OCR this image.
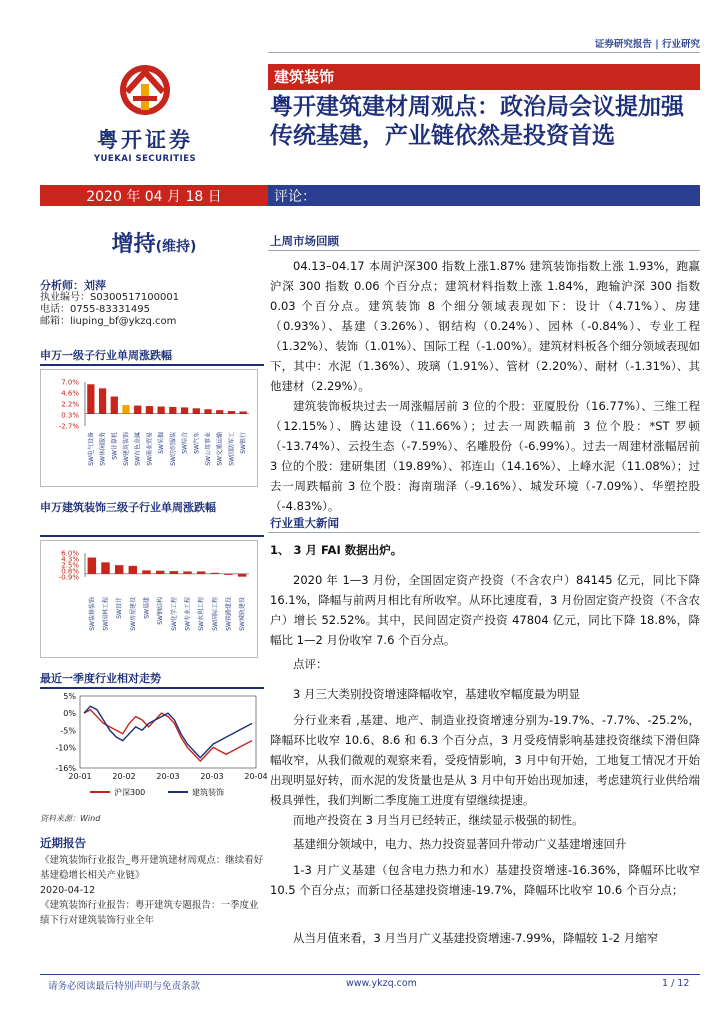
证券研究报告 | 行业研究
粤开证券
YUEKAI SECURITIES
建筑装饰
粤开建筑建材周观点：政治局会议提加强传统基建，产业链依然是投资首选
2020 年 04 月 18 日	评论：
增持(维持)
分析师：刘萍
执业编号：S0300517100001
电话：0755-83331495
邮箱：liuping_bf@ykzq.com
申万一级子行业单周涨跌幅
7.0%
4.6%
2.2%
0.3%
-2.7%
SW电气设备 SW休闲服务 SW计算机 SW建筑装饰 SW有色金属 SW商业贸易 SW采掘 SW纺织服装 SW综合 SW汽车 SW公用事业 SW交通运输 SW国防军工 SW银行
申万建筑装饰三级子行业单周涨跌幅
6.0%
4.3%
2.5%
0.8%
-0.9%
SW装修装饰 SW园林工程 SW设计 SW房屋建设 SW基建 SW钢结构 SW化学工程 SW专业工程 SW水利工程 SW国际工程 SW铁路建设 SW城轨建设
最近一季度行业相对走势
5%
0%
-5%
-10%
-16%
20-01	20-02	20-03	20-03	20-04
沪深300	建筑装饰
资料来源：Wind
近期报告
《建筑装饰行业报告_粤开建筑建材周观点：继续看好基建稳增长相关产业链》
2020-04-12
《建筑装饰行业报告：粤开建筑专题报告：一季度业绩下行对建筑装饰行业全年
上周市场回顾
04.13–04.17 本周沪深300 指数上涨1.87% 建筑装饰指数上涨 1.93%，跑赢沪深 300 指数 0.06 个百分点；建筑材料指数上涨 1.84%，跑输沪深 300 指数 0.03 个百分点。建筑装饰 8 个细分领域表现如下：设计（4.71%）、房建（0.93%）、基建（3.26%）、钢结构（0.24%）、园林（-0.84%）、专业工程（1.32%）、装饰（1.01%）、国际工程（-1.00%）。建筑材料板各个细分领域表现如下，其中：水泥（1.36%）、玻璃（1.91%）、管材（2.20%）、耐材（-1.31%）、其他建材（2.29%）。
建筑装饰板块过去一周涨幅居前 3 位的个股：亚厦股份（16.77%）、三维工程（12.15%）、腾达建设（11.66%）；过去一周跌幅前 3 位个股：*ST 罗顿（-13.74%）、云投生态（-7.59%）、名雕股份（-6.99%）。过去一周建材涨幅居前 3 位的个股：建研集团（19.89%）、祁连山（14.16%）、上峰水泥（11.08%）；过去一周跌幅前 3 位个股：海南瑞泽（-9.16%）、城发环境（-7.09%）、华塑控股（-4.83%）。
行业重大新闻
1、 3 月 FAI 数据出炉。
2020 年 1—3 月份，全国固定资产投资（不含农户）84145 亿元，同比下降 16.1%，降幅与前两月相比有所收窄。从环比速度看，3 月份固定资产投资（不含农户）增长 52.52%。其中，民间固定资产投资 47804 亿元，同比下降 18.8%，降幅比 1—2 月份收窄 7.6 个百分点。
点评：
3 月三大类别投资增速降幅收窄，基建收窄幅度最为明显
分行业来看 ,基建、地产、制造业投资增速分别为-19.7%、-7.7%、-25.2%，降幅环比收窄 10.6、8.6 和 6.3 个百分点，3 月受疫情影响基建投资继续下滑但降幅收窄，从我们微观的观察来看，受疫情影响，3 月中旬开始，工地复工情况才开始出现明显好转，而水泥的发货量也是从 3 月中旬开始出现加速，考虑建筑行业供给端极具弹性，我们判断二季度施工进度有望继续提速。
而地产投资在 3 月当月已经转正，继续显示极强的韧性。
基建细分领域中，电力、热力投资显著回升带动广义基建增速回升
1-3 月广义基建（包含电力热力和水）基建投资增速-16.36%，降幅环比收窄 10.5 个百分点；而新口径基建投资增速-19.7%，降幅环比收窄 10.6 个百分点；
从当月值来看，3 月当月广义基建投资增速-7.99%，降幅较 1-2 月缩窄
请务必阅读最后特别声明与免责条款	www.ykzq.com	1 / 12
